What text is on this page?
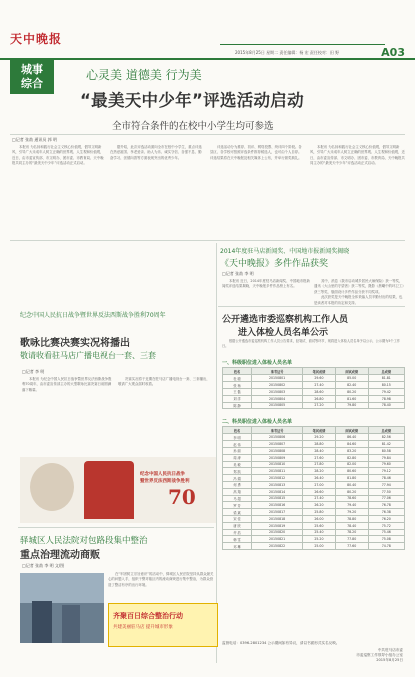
天中晚报
2015年8月25日 星期二 责任编辑：杨 宏 责任校对：田 野	A03
城事
综合
心灵美 道德美 行为美
“最美天中少年”评选活动启动
全市符合条件的在校中小学生均可参选
□记者 张劼 通讯员 郭 明

本报讯 为弘扬和践行社会主义核心价值观，倡导文明新风，引导广大未成年人树立正确的世界观、人生观和价值观，近日，由市委宣传部、市文明办、团市委、市教育局、天中晚报共同主办的“最美天中少年”评选活动正式启动。

据介绍，此次评选活动面向全市在校中小学生，重点评选在热爱祖国、孝老爱亲、助人为乐、诚实守信、自强不息、勤奋学习、崇德向善等方面表现突出的优秀少年。

评选活动分为推荐、初评、网络投票、终评四个阶段。各县区、各学校可按照评选条件推荐候选人，也可由个人自荐。评选结果将在天中晚报及相关媒体上公布，并举行颁奖典礼。

本报讯 为弘扬和践行社会主义核心价值观，倡导文明新风，引导广大未成年人树立正确的世界观、人生观和价值观，近日，由市委宣传部、市文明办、团市委、市教育局、天中晚报共同主办的“最美天中少年”评选活动正式启动。

2014年度驻马店新闻奖、中国地市报新闻奖揭晓
《天中晚报》多件作品获奖
□记者 张劼 李 明

本报讯 近日，2014年度驻马店新闻奖、中国地市报新闻奖评选结果揭晓，天中晚报多件作品榜上有名。

其中，消息《我市启动城乡居民大病保险》获一等奖，通讯《大山里的守望者》获二等奖，摄影《晨曦中的环卫工》获三等奖，版面设计多件作品分获不同奖项。

此次获奖是天中晚报全体采编人员辛勤付出的结果，也是读者对本报的肯定和支持。

纪念中国人民抗日战争暨世界反法西斯战争胜利70周年
歌咏比赛决赛实况将播出
敬请收看驻马店广播电视台一套、三套
□记者 李 明

本报讯 为纪念中国人民抗日战争暨世界反法西斯战争胜利70周年，由市委宣传部主办的大型歌咏比赛决赛日前圆满落下帷幕。

决赛实况将于近期在驻马店广播电视台一套、三套播出，敬请广大观众届时收看。

纪念中国人民抗日战争
暨世界反法西斯战争胜利
70
驿城区人民法院对包路段集中整治
重点治理流动商贩
□记者 张劼 李 明 文/图

在“牢固树立宗旨意识”的活动中，驿城区人民法院坚持从群众最关心的问题入手，组织干警对辖区内的流动商贩进行集中整治，为群众营造了整洁有序的出行环境。

齐聚百日综合整治行动
共建美丽驻马店 提升城市形象
公开遴选市委巡察机构工作人员
进入体检人员名单公示

根据公开遴选市委巡察机构工作人员公告要求，经笔试、面试等环节，现将进入体检人员名单予以公示，公示期为5个工作日。

一、科级职位进入体检人员名单
姓名	准考证号	笔试成绩	面试成绩	总成绩
杜 聪	20150801	29.60	85.00	81.81
张 杨	20150802	27.40	82.40	80.15
王 磊	20150803	28.60	80.20	79.42
刘 洋	20150804	26.80	81.60	78.98
陈 静	20150805	27.20	79.80	78.40
二、科员职位进入体检人员名单
姓名	准考证号	笔试成绩	面试成绩	总成绩
李 明	20150806	29.20	86.40	82.56
赵 伟	20150807	28.80	84.60	81.42
孙 丽	20150808	28.40	83.20	80.58
周 涛	20150809	27.60	82.80	79.84
吴 敏	20150810	27.80	82.00	79.60
郑 凯	20150811	28.20	80.60	79.12
冯 娟	20150812	26.40	81.80	78.46
何 勇	20150813	27.00	80.40	77.94
高 翔	20150814	26.60	80.20	77.50
马 超	20150815	27.40	78.60	77.06
罗 芳	20150816	26.20	79.40	76.78
梁 斌	20150817	25.80	79.20	76.38
宋 佳	20150818	26.00	78.80	76.20
唐 欣	20150819	25.60	78.40	75.72
许 浩	20150820	25.40	78.20	75.46
韩 雪	20150821	25.20	77.80	75.08
邓 琳	20150822	25.00	77.60	74.78
监督电话：0396-2801234 公示期间如有异议，请以书面形式实名反映。
中共驻马店市委
市委巡察工作领导小组办公室
2015年8月25日
